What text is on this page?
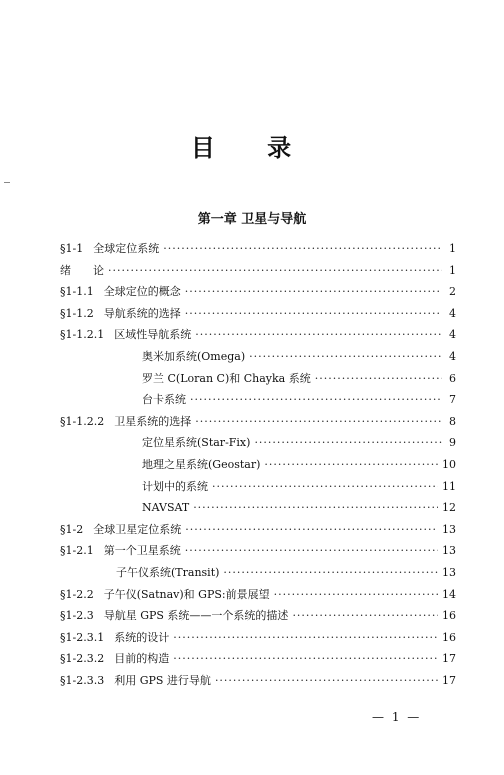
目 录
第一章 卫星与导航
§1-1 全球定位系统 ·····	1
绪 论 ·····	1
§1-1.1 全球定位的概念 ·····	2
§1-1.2 导航系统的选择 ·····	4
§1-1.2.1 区域性导航系统 ·····	4
奥米加系统(Omega) ·····	4
罗兰 C(Loran C)和 Chayka 系统 ·····	6
台卡系统 ·····	7
§1-1.2.2 卫星系统的选择 ·····	8
定位星系统(Star-Fix) ·····	9
地理之星系统(Geostar) ·····	10
计划中的系统 ·····	11
NAVSAT ·····	12
§1-2 全球卫星定位系统 ·····	13
§1-2.1 第一个卫星系统 ·····	13
子午仪系统(Transit) ·····	13
§1-2.2 子午仪(Satnav)和 GPS:前景展望 ·····	14
§1-2.3 导航星 GPS 系统——一个系统的描述 ·····	16
§1-2.3.1 系统的设计 ·····	16
§1-2.3.2 目前的构造 ·····	17
§1-2.3.3 利用 GPS 进行导航 ·····	17
— 1 —
